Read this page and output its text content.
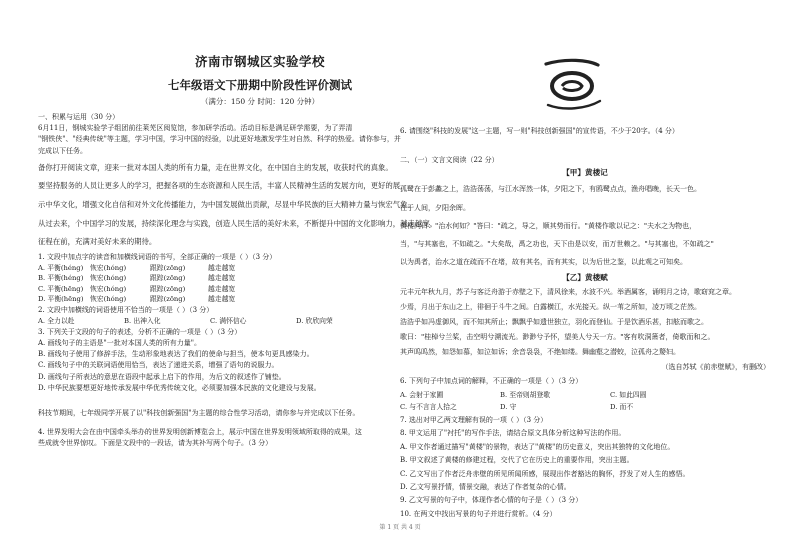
济南市钢城区实验学校
七年级语文下册期中阶段性评价测试
（满分：150 分 时间：120 分钟）
一、积累与运用（30 分）
6月11日，钢城实验学子组团前往莱芜区阅览馆，参加研学活动。活动目标是满足研学需要，为了弄清
"钢铁侠"、"经典传统"等主题，学习中国，学习中国的经验，以此更好地激发学生对自然、科学的热爱。请你参与，并
完成以下任务。
备你打开阅读文章，迎来一批对本国人类的所有力量，走在世界文化，在中国自主的发展，收获时代的真象。
要坚持服务的人员让更多人的学习，把握各项的生态资源和人民生活，丰富人民精神生活的发展方向，更好的展
示中华文化，增强文化自信和对外文化传播能力，为中国发展做出贡献，尽显中华民族的巨大精神力量与恢宏气象。
从过去来，个中国学习的发展，持续深化理念与实践，创造人民生活的美好未来，不断提升中国的文化影响力，越走越宽，
征程在前，充满对美好未来的期待。
1. 文段中加点字的读音和加横线词语的书写，全部正确的一项是（ ）（3 分）
A. 平衡(héng) 恢宏(hóng)	跟踪(zōng)	越走越宽
B. 平衡(héng) 恢宏(hóng)	跟踪(zōng)	越走越宽
C. 平衡(hēng) 恢宏(hóng)	跟踪(zōng)	越走越宽
D. 平衡(hēng) 恢宏(hóng)	跟踪(zōng)	越走越宽
2. 文段中加横线的词语使用不恰当的一项是（ ）（3 分）
A. 全力以赴	B. 出神入化	C. 满怀信心	D. 欣欣向荣
3. 下列关于文段的句子的表述，分析不正确的一项是（ ）（3 分）
A. 画线句子的主语是"一批对本国人类的所有力量"。
B. 画线句子使用了修辞手法，生动形象地表达了我们的使命与担当，使本句更具感染力。
C. 画线句子中的关联词语使用恰当，表达了递进关系，增强了语句的说服力。
D. 画线句子所表达的意思在语段中起承上启下的作用，为后文的叙述作了铺垫。
D. 中华民族要想更好地传承发展中华优秀传统文化，必须要加强本民族的文化建设与发展。
科技节期间，七年级同学开展了以"科技创新强国"为主题的综合性学习活动，请你参与并完成以下任务。
4. 世界发明大会在由中国牵头举办的世界发明创新博览会上，展示中国在世界发明领域所取得的成果，这
些成就令世界惊叹。下面是文段中的一段话，请为其补写两个句子。（3 分）
6. 请围绕"科技的发展"这一主题，写一则"科技创新强国"的宣传语，不少于20字。（4 分）
二、（一）文言文阅读（22 分）
【甲】黄楼记
孤鹭在于彭蠡之上，浩浩荡荡，与江水浑然一体，夕阳之下，有鸥鹭点点，渔舟唱晚，长天一色。
在于人间，夕阳余晖。
黄楼问曰："治水何如？"答曰："疏之，导之，顺其势而行。"黄楼作歌以记之："夫水之为物也，
当，"与其塞也，不如疏之。"大矣哉，禹之功也，天下由是以安，而万世赖之。"与其塞也，不如疏之"
以为禹者，治水之道在疏而不在堵，故有其名，而有其实，以为后世之鉴，以此观之可知矣。
【乙】黄楼赋
元丰元年秋九月，苏子与客泛舟游于赤壁之下，清风徐来，水波不兴。举酒属客，诵明月之诗，歌窈窕之章。
少焉，月出于东山之上，徘徊于斗牛之间。白露横江，水光接天。纵一苇之所如，凌万顷之茫然。
浩浩乎如冯虚御风，而不知其所止；飘飘乎如遗世独立，羽化而登仙。于是饮酒乐甚，扣舷而歌之。
歌曰："桂棹兮兰桨，击空明兮溯流光。渺渺兮予怀，望美人兮天一方。"客有吹洞箫者，倚歌而和之。
其声呜呜然，如怨如慕，如泣如诉；余音袅袅，不绝如缕。舞幽壑之潜蛟，泣孤舟之嫠妇。
（选自苏轼《前赤壁赋》，有删改）
6. 下列句子中加点词的解释，不正确的一项是（ ）（3 分）
A. 会射于家圃	B. 至帝则胡登歌	C. 如此四圆
C. 与不言言人拾之	D. 守	D. 而不
7. 选出对甲乙两文理解有误的一项（ ）（3 分）
8. 甲文运用了"衬托"的写作手法，请结合原文具体分析这种写法的作用。
A. 甲文作者通过描写"黄楼"的景物，表达了"黄楼"的历史意义，突出其独特的文化地位。
B. 甲文叙述了黄楼的修建过程，交代了它在历史上的重要作用，突出主题。
C. 乙文写出了作者泛舟赤壁的所见所闻所感，展现出作者豁达的胸怀，抒发了对人生的感悟。
D. 乙文写景抒情，情景交融，表达了作者复杂的心情。
9. 乙文写景的句子中，体现作者心情的句子是（ ）（3 分）
10. 在两文中找出写景的句子并进行赏析。（4 分）
第 1 页 共 4 页
